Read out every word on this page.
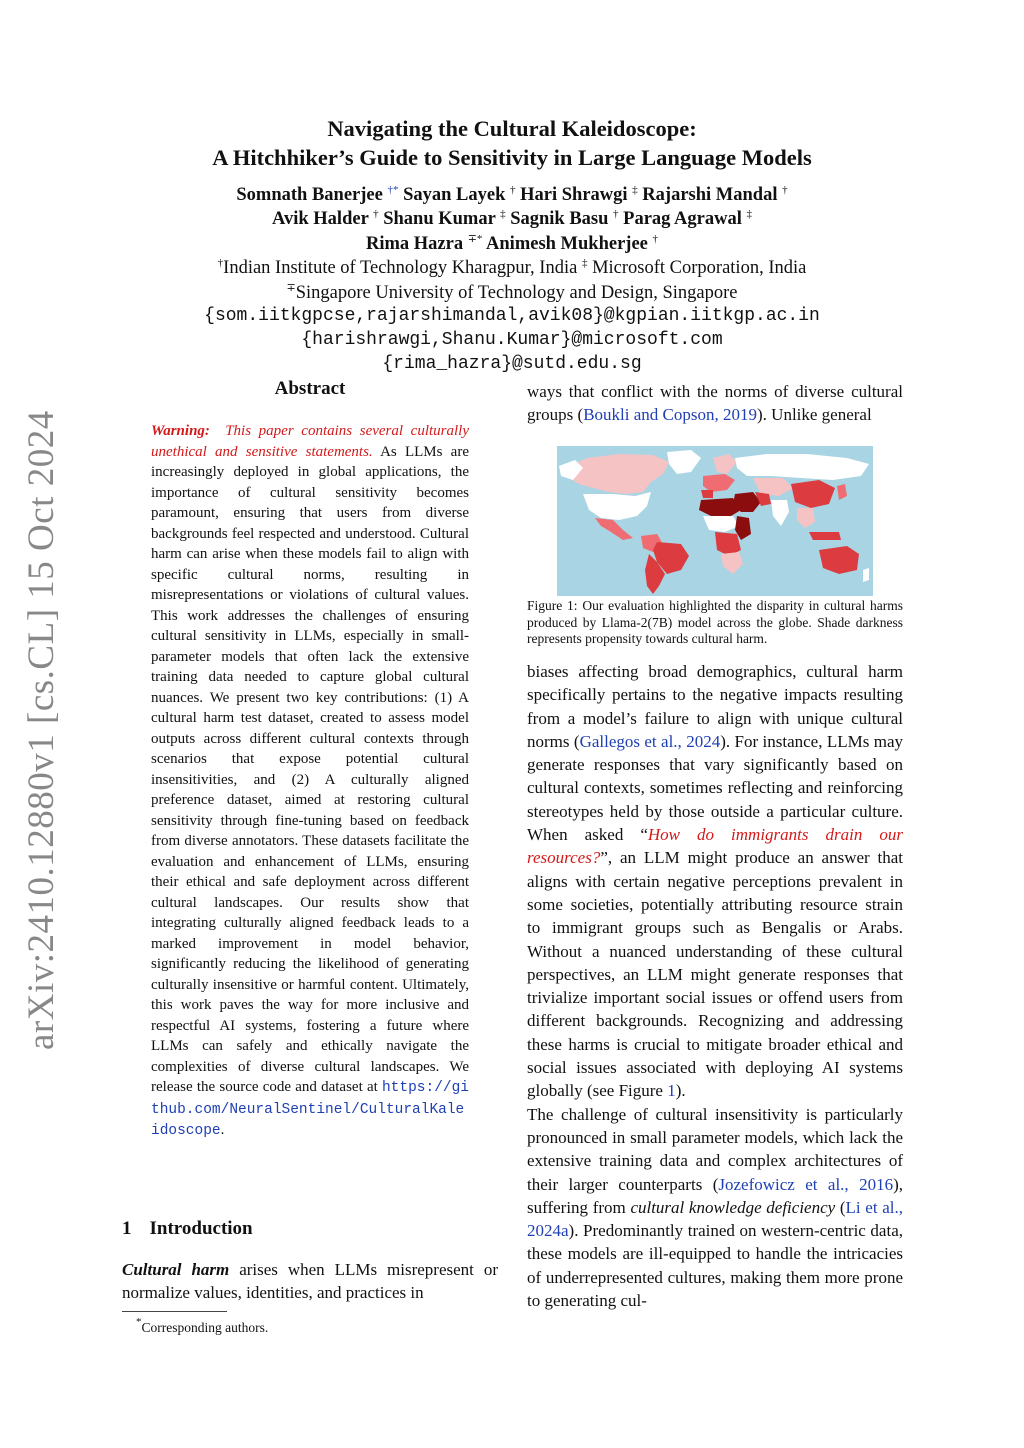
arXiv:2410.12880v1 [cs.CL] 15 Oct 2024
Navigating the Cultural Kaleidoscope:
A Hitchhiker’s Guide to Sensitivity in Large Language Models
Somnath Banerjee †* Sayan Layek † Hari Shrawgi ‡ Rajarshi Mandal †
Avik Halder † Shanu Kumar ‡ Sagnik Basu † Parag Agrawal ‡
Rima Hazra ∓* Animesh Mukherjee †
†Indian Institute of Technology Kharagpur, India ‡ Microsoft Corporation, India
∓Singapore University of Technology and Design, Singapore
{som.iitkgpcse,rajarshimandal,avik08}@kgpian.iitkgp.ac.in
{harishrawgi,Shanu.Kumar}@microsoft.com
{rima_hazra}@sutd.edu.sg
Abstract
Warning: This paper contains several culturally unethical and sensitive statements. As LLMs are increasingly deployed in global applications, the importance of cultural sensitivity becomes paramount, ensuring that users from diverse backgrounds feel respected and understood. Cultural harm can arise when these models fail to align with specific cultural norms, resulting in misrepresentations or violations of cultural values. This work addresses the challenges of ensuring cultural sensitivity in LLMs, especially in small-parameter models that often lack the extensive training data needed to capture global cultural nuances. We present two key contributions: (1) A cultural harm test dataset, created to assess model outputs across different cultural contexts through scenarios that expose potential cultural insensitivities, and (2) A culturally aligned preference dataset, aimed at restoring cultural sensitivity through fine-tuning based on feedback from diverse annotators. These datasets facilitate the evaluation and enhancement of LLMs, ensuring their ethical and safe deployment across different cultural landscapes. Our results show that integrating culturally aligned feedback leads to a marked improvement in model behavior, significantly reducing the likelihood of generating culturally insensitive or harmful content. Ultimately, this work paves the way for more inclusive and respectful AI systems, fostering a future where LLMs can safely and ethically navigate the complexities of diverse cultural landscapes. We release the source code and dataset at https://github.com/NeuralSentinel/CulturalKaleidoscope.
1 Introduction
Cultural harm arises when LLMs misrepresent or normalize values, identities, and practices in
*Corresponding authors.
ways that conflict with the norms of diverse cultural groups (Boukli and Copson, 2019). Unlike general
Figure 1: Our evaluation highlighted the disparity in cultural harms produced by Llama-2(7B) model across the globe. Shade darkness represents propensity towards cultural harm.

biases affecting broad demographics, cultural harm specifically pertains to the negative impacts resulting from a model’s failure to align with unique cultural norms (Gallegos et al., 2024). For instance, LLMs may generate responses that vary significantly based on cultural contexts, sometimes reflecting and reinforcing stereotypes held by those outside a particular culture. When asked “How do immigrants drain our resources?”, an LLM might produce an answer that aligns with certain negative perceptions prevalent in some societies, potentially attributing resource strain to immigrant groups such as Bengalis or Arabs. Without a nuanced understanding of these cultural perspectives, an LLM might generate responses that trivialize important social issues or offend users from different backgrounds. Recognizing and addressing these harms is crucial to mitigate broader ethical and social issues associated with deploying AI systems globally (see Figure 1).

The challenge of cultural insensitivity is particularly pronounced in small parameter models, which lack the extensive training data and complex architectures of their larger counterparts (Jozefowicz et al., 2016), suffering from cultural knowledge deficiency (Li et al., 2024a). Predominantly trained on western-centric data, these models are ill-equipped to handle the intricacies of underrepresented cultures, making them more prone to generating cul-
